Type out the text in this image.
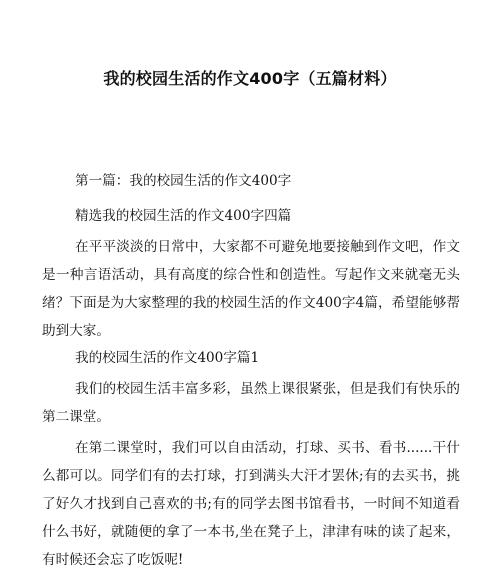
我的校园生活的作文400字（五篇材料）

第一篇：我的校园生活的作文400字

精选我的校园生活的作文400字四篇

在平平淡淡的日常中，大家都不可避免地要接触到作文吧，作文是一种言语活动，具有高度的综合性和创造性。写起作文来就毫无头绪？下面是为大家整理的我的校园生活的作文400字4篇，希望能够帮助到大家。

我的校园生活的作文400字篇1

我们的校园生活丰富多彩，虽然上课很紧张，但是我们有快乐的第二课堂。

在第二课堂时，我们可以自由活动，打球、买书、看书......干什么都可以。同学们有的去打球，打到满头大汗才罢休;有的去买书，挑了好久才找到自己喜欢的书;有的同学去图书馆看书，一时间不知道看什么书好，就随便的拿了一本书,坐在凳子上，津津有味的读了起来，有时候还会忘了吃饭呢!
